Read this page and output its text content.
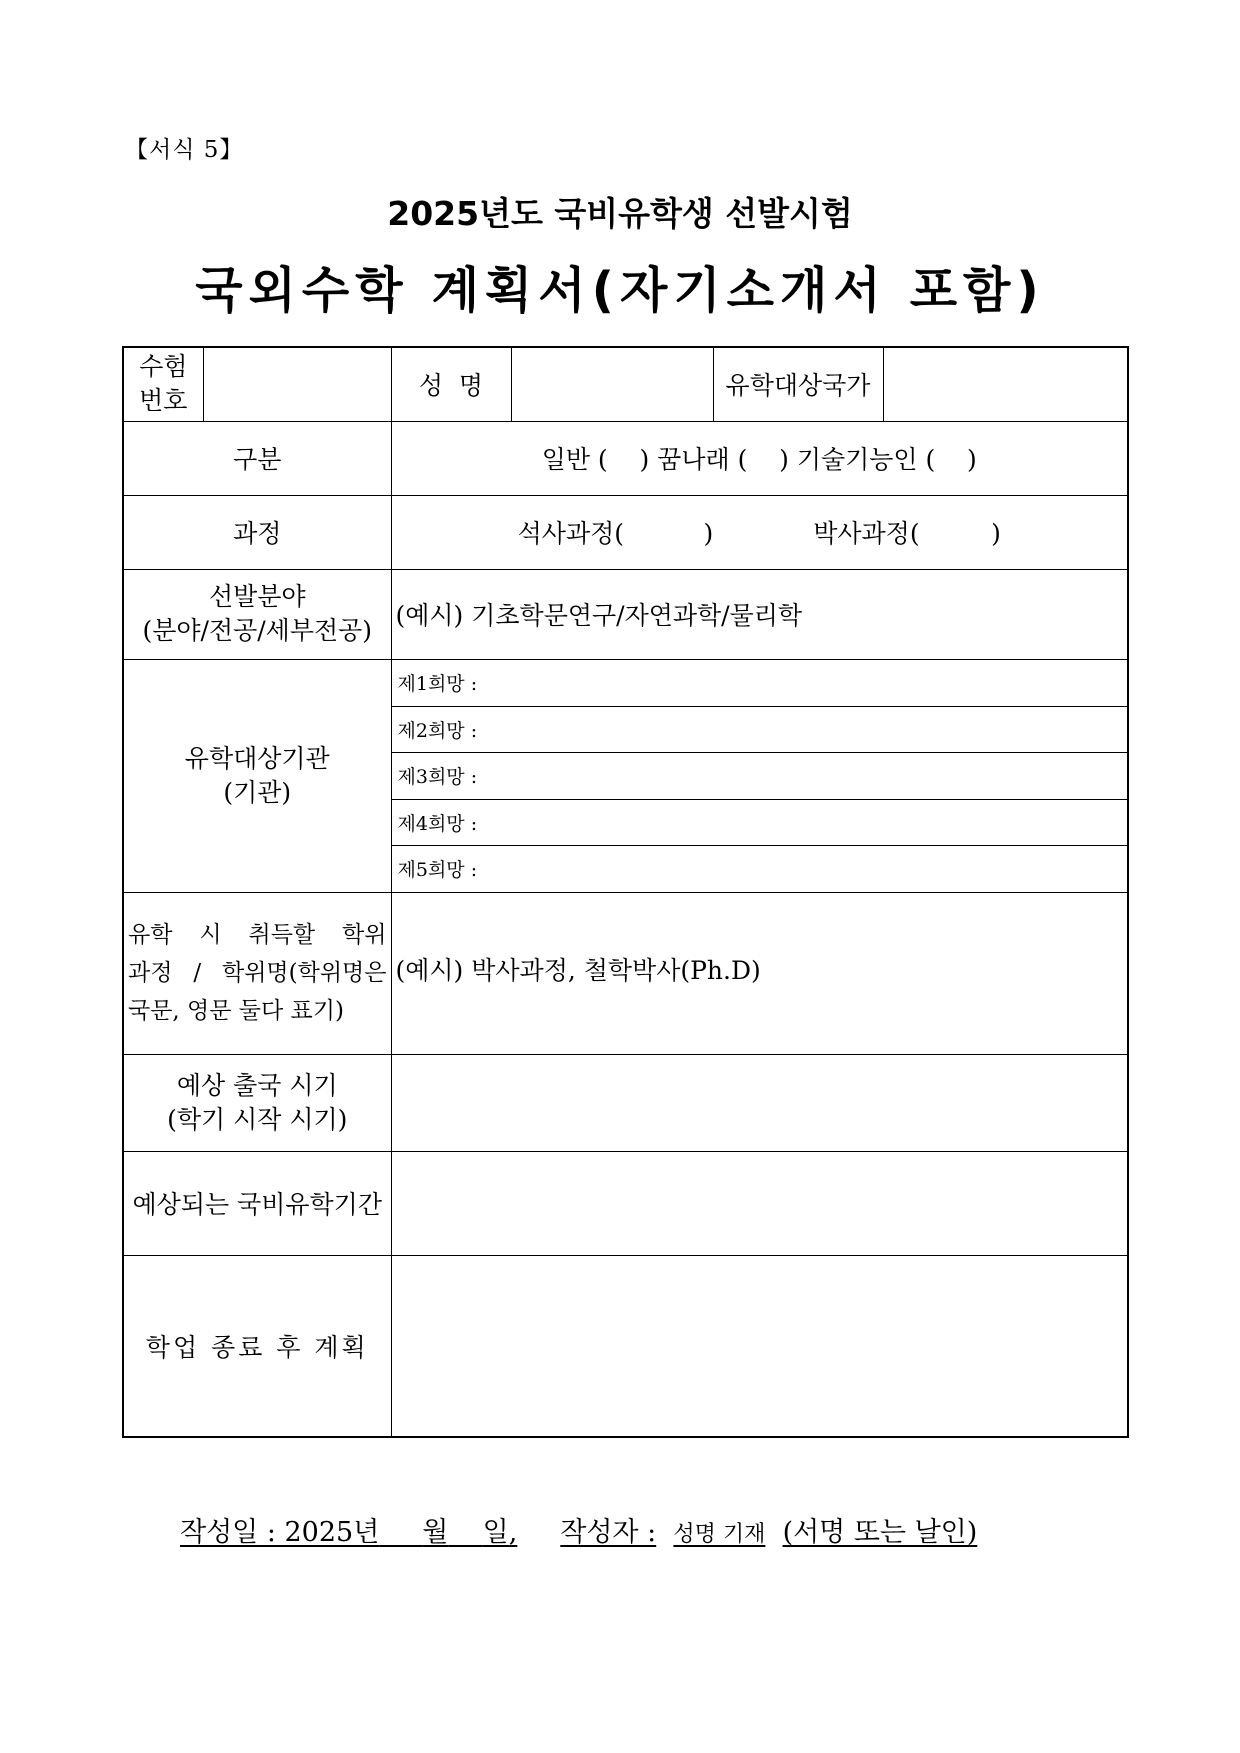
【서식 5】
2025년도 국비유학생 선발시험
국외수학 계획서(자기소개서 포함)
수험
번호		성  명		유학대상국가	
구분		일반 (    ) 꿈나래 (    ) 기술기능인 (    )			
과정		석사과정(          ) 박사과정(         )			

선발분야
(분야/전공/세부전공)		(예시) 기초학문연구/자연과학/물리학			

유학대상기관
(기관)		제1희망 :			
		제2희망 :			
		제3희망 :			
		제4희망 :			
		제5희망 :			

유학 시 취득할 학위
과정 / 학위명(학위명은
국문, 영문 둘다 표기)		(예시) 박사과정, 철학박사(Ph.D)			

예상 출국 시기
(학기 시작 시기)					

예상되는 국비유학기간					
학업 종료 후 계획					
작성일 : 2025년 월 일, 작성자 : 성명 기재 (서명 또는 날인)
